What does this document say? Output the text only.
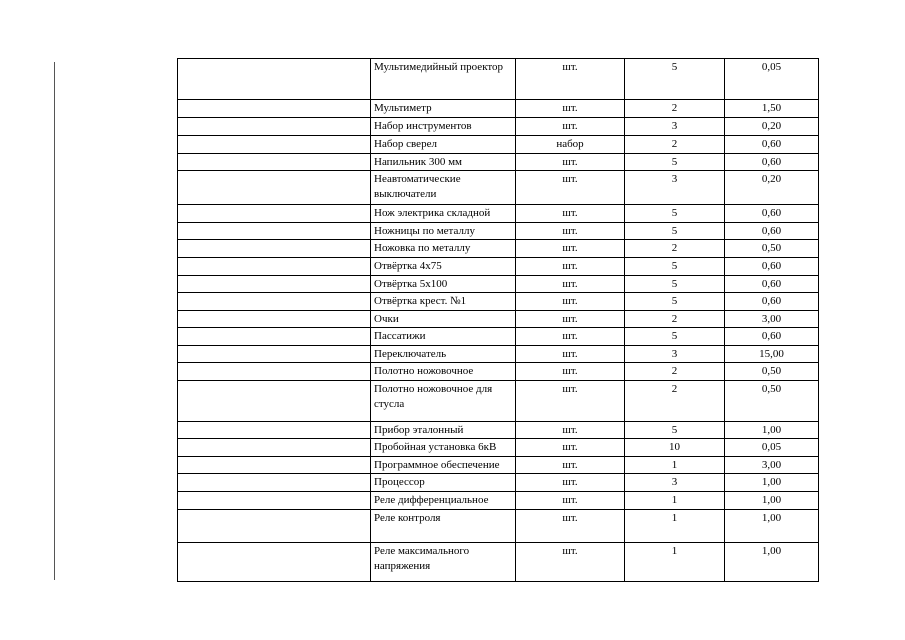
	Мультимедийный проектор	шт.	5	0,05
	Мультиметр	шт.	2	1,50
	Набор инструментов	шт.	3	0,20
	Набор сверел	набор	2	0,60
	Напильник 300 мм	шт.	5	0,60
	Неавтоматические выключатели	шт.	3	0,20
	Нож электрика складной	шт.	5	0,60
	Ножницы по металлу	шт.	5	0,60
	Ножовка по металлу	шт.	2	0,50
	Отвёртка 4х75	шт.	5	0,60
	Отвёртка 5х100	шт.	5	0,60
	Отвёртка крест. №1	шт.	5	0,60
	Очки	шт.	2	3,00
	Пассатижи	шт.	5	0,60
	Переключатель	шт.	3	15,00
	Полотно ножовочное	шт.	2	0,50
	Полотно ножовочное для стусла	шт.	2	0,50
	Прибор эталонный	шт.	5	1,00
	Пробойная установка 6кВ	шт.	10	0,05
	Программное обеспечение	шт.	1	3,00
	Процессор	шт.	3	1,00
	Реле дифференциальное	шт.	1	1,00
	Реле контроля	шт.	1	1,00
	Реле максимального напряжения	шт.	1	1,00
